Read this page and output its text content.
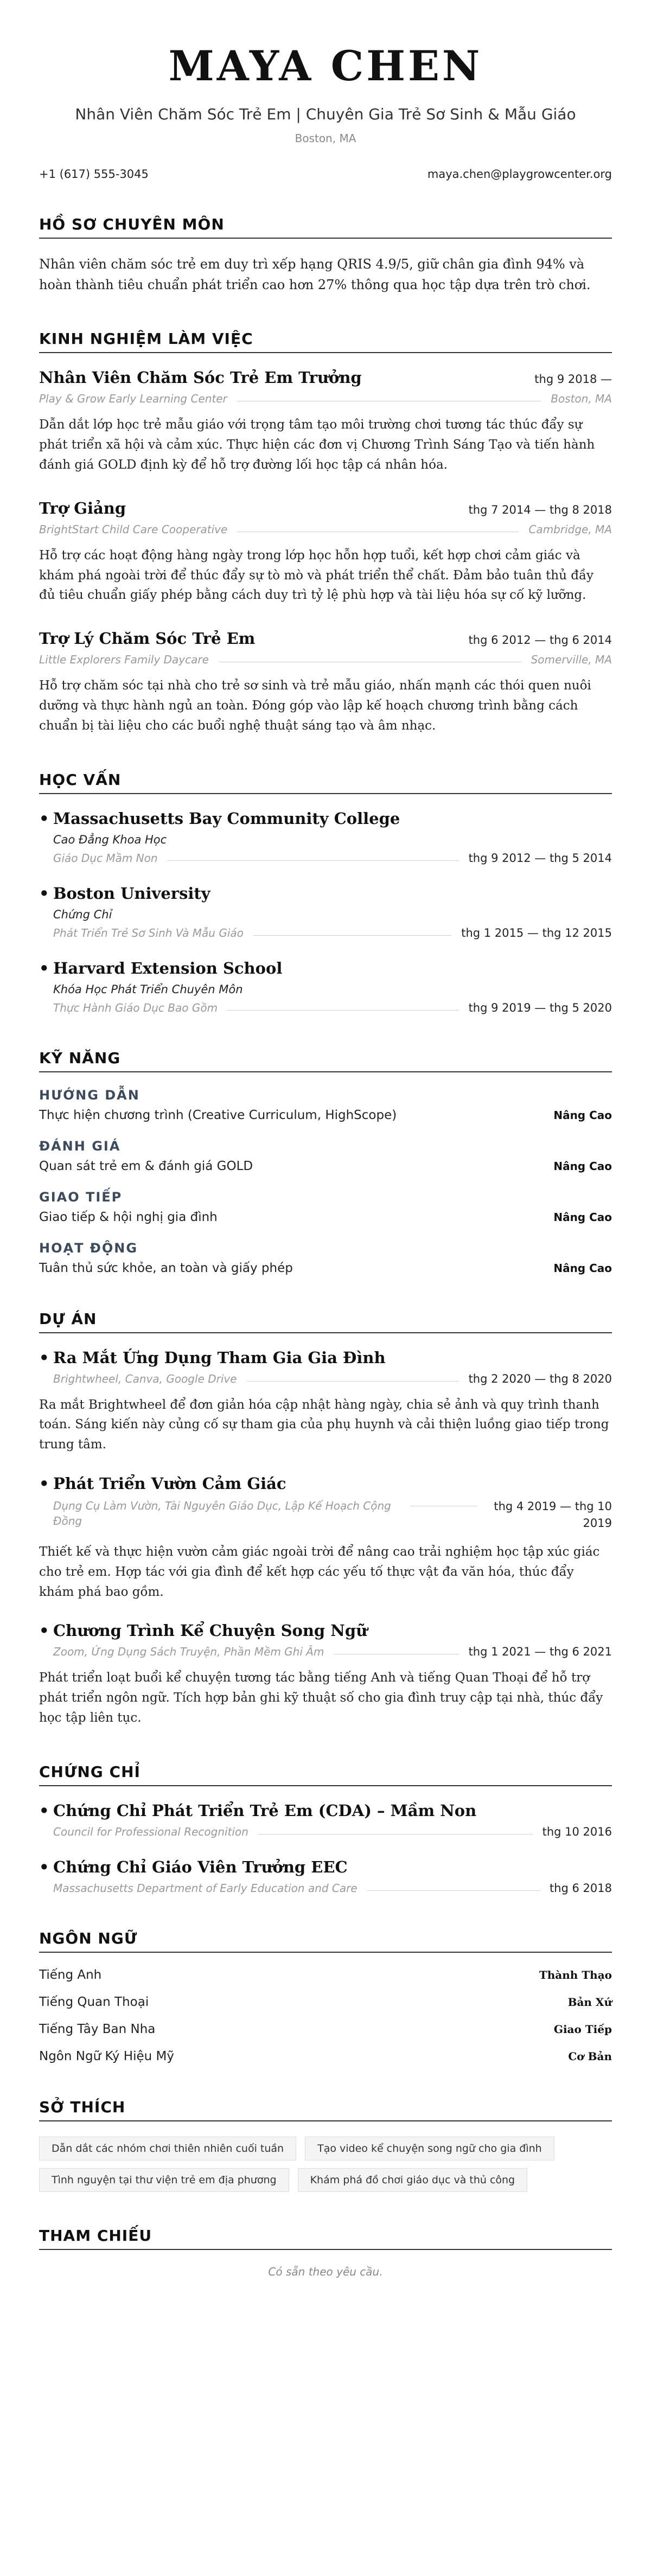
MAYA CHEN
Nhân Viên Chăm Sóc Trẻ Em | Chuyên Gia Trẻ Sơ Sinh & Mẫu Giáo
Boston, MA
+1 (617) 555-3045	maya.chen@playgrowcenter.org
HỒ SƠ CHUYÊN MÔN
Nhân viên chăm sóc trẻ em duy trì xếp hạng QRIS 4.9/5, giữ chân gia đình 94% và hoàn thành tiêu chuẩn phát triển cao hơn 27% thông qua học tập dựa trên trò chơi.
KINH NGHIỆM LÀM VIỆC
Nhân Viên Chăm Sóc Trẻ Em Trưởng	thg 9 2018 —
Play & Grow Early Learning Center	Boston, MA
Dẫn dắt lớp học trẻ mẫu giáo với trọng tâm tạo môi trường chơi tương tác thúc đẩy sự phát triển xã hội và cảm xúc. Thực hiện các đơn vị Chương Trình Sáng Tạo và tiến hành đánh giá GOLD định kỳ để hỗ trợ đường lối học tập cá nhân hóa.
Trợ Giảng	thg 7 2014 — thg 8 2018
BrightStart Child Care Cooperative	Cambridge, MA
Hỗ trợ các hoạt động hàng ngày trong lớp học hỗn hợp tuổi, kết hợp chơi cảm giác và khám phá ngoài trời để thúc đẩy sự tò mò và phát triển thể chất. Đảm bảo tuân thủ đầy đủ tiêu chuẩn giấy phép bằng cách duy trì tỷ lệ phù hợp và tài liệu hóa sự cố kỹ lưỡng.
Trợ Lý Chăm Sóc Trẻ Em	thg 6 2012 — thg 6 2014
Little Explorers Family Daycare	Somerville, MA
Hỗ trợ chăm sóc tại nhà cho trẻ sơ sinh và trẻ mẫu giáo, nhấn mạnh các thói quen nuôi dưỡng và thực hành ngủ an toàn. Đóng góp vào lập kế hoạch chương trình bằng cách chuẩn bị tài liệu cho các buổi nghệ thuật sáng tạo và âm nhạc.
HỌC VẤN
• Massachusetts Bay Community College
Cao Đẳng Khoa Học
Giáo Dục Mầm Non	thg 9 2012 — thg 5 2014
• Boston University
Chứng Chỉ
Phát Triển Trẻ Sơ Sinh Và Mẫu Giáo	thg 1 2015 — thg 12 2015
• Harvard Extension School
Khóa Học Phát Triển Chuyên Môn
Thực Hành Giáo Dục Bao Gồm	thg 9 2019 — thg 5 2020
KỸ NĂNG
HƯỚNG DẪN
Thực hiện chương trình (Creative Curriculum, HighScope)	Nâng Cao
ĐÁNH GIÁ
Quan sát trẻ em & đánh giá GOLD	Nâng Cao
GIAO TIẾP
Giao tiếp & hội nghị gia đình	Nâng Cao
HOẠT ĐỘNG
Tuân thủ sức khỏe, an toàn và giấy phép	Nâng Cao
DỰ ÁN
• Ra Mắt Ứng Dụng Tham Gia Gia Đình
Brightwheel, Canva, Google Drive	thg 2 2020 — thg 8 2020
Ra mắt Brightwheel để đơn giản hóa cập nhật hàng ngày, chia sẻ ảnh và quy trình thanh toán. Sáng kiến này củng cố sự tham gia của phụ huynh và cải thiện luồng giao tiếp trong trung tâm.
• Phát Triển Vườn Cảm Giác
Dụng Cụ Làm Vườn, Tài Nguyên Giáo Dục, Lập Kế Hoạch Cộng Đồng
thg 4 2019 — thg 10 2019
Thiết kế và thực hiện vườn cảm giác ngoài trời để nâng cao trải nghiệm học tập xúc giác cho trẻ em. Hợp tác với gia đình để kết hợp các yếu tố thực vật đa văn hóa, thúc đẩy khám phá bao gồm.
• Chương Trình Kể Chuyện Song Ngữ
Zoom, Ứng Dụng Sách Truyện, Phần Mềm Ghi Âm	thg 1 2021 — thg 6 2021
Phát triển loạt buổi kể chuyện tương tác bằng tiếng Anh và tiếng Quan Thoại để hỗ trợ phát triển ngôn ngữ. Tích hợp bản ghi kỹ thuật số cho gia đình truy cập tại nhà, thúc đẩy học tập liên tục.
CHỨNG CHỈ
• Chứng Chỉ Phát Triển Trẻ Em (CDA) – Mầm Non
Council for Professional Recognition	thg 10 2016
• Chứng Chỉ Giáo Viên Trưởng EEC
Massachusetts Department of Early Education and Care	thg 6 2018
NGÔN NGỮ
Tiếng Anh	Thành Thạo
Tiếng Quan Thoại	Bản Xứ
Tiếng Tây Ban Nha	Giao Tiếp
Ngôn Ngữ Ký Hiệu Mỹ	Cơ Bản
SỞ THÍCH
Dẫn dắt các nhóm chơi thiên nhiên cuối tuần	Tạo video kể chuyện song ngữ cho gia đình
Tình nguyện tại thư viện trẻ em địa phương	Khám phá đồ chơi giáo dục và thủ công
THAM CHIẾU
Có sẵn theo yêu cầu.
